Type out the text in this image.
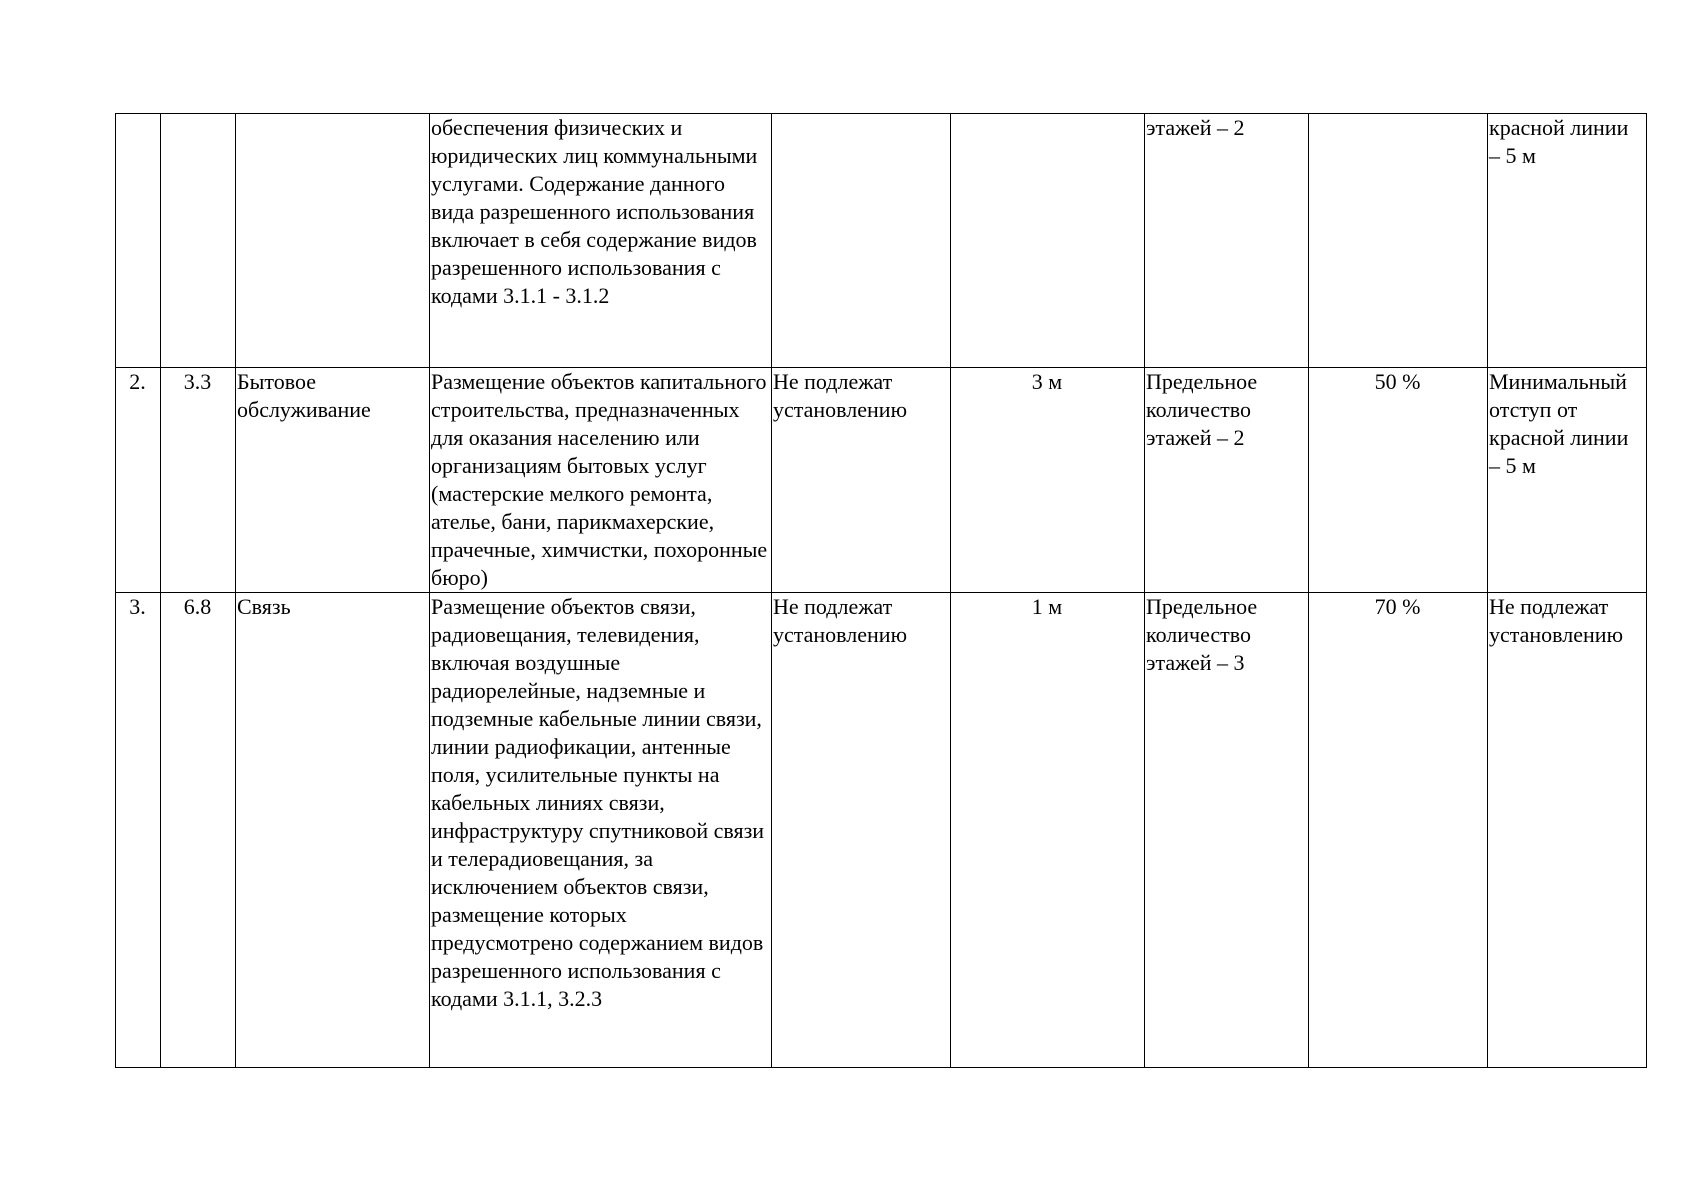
			обеспечения физических и юридических лиц коммунальными услугами. Содержание данного вида разрешенного использования включает в себя содержание видов разрешенного использования с кодами 3.1.1 - 3.1.2			этажей – 2		красной линии – 5 м
2.	3.3	Бытовое обслуживание	Размещение объектов капитального строительства, предназначенных для оказания населению или организациям бытовых услуг (мастерские мелкого ремонта, ателье, бани, парикмахерские, прачечные, химчистки, похоронные бюро)	Не подлежат установлению	3 м	Предельное количество этажей – 2	50 %	Минимальный отступ от красной линии – 5 м
3.	6.8	Связь	Размещение объектов связи, радиовещания, телевидения, включая воздушные радиорелейные, надземные и подземные кабельные линии связи, линии радиофикации, антенные поля, усилительные пункты на кабельных линиях связи, инфраструктуру спутниковой связи и телерадиовещания, за исключением объектов связи, размещение которых предусмотрено содержанием видов разрешенного использования с кодами 3.1.1, 3.2.3	Не подлежат установлению	1 м	Предельное количество этажей – 3	70 %	Не подлежат установлению
